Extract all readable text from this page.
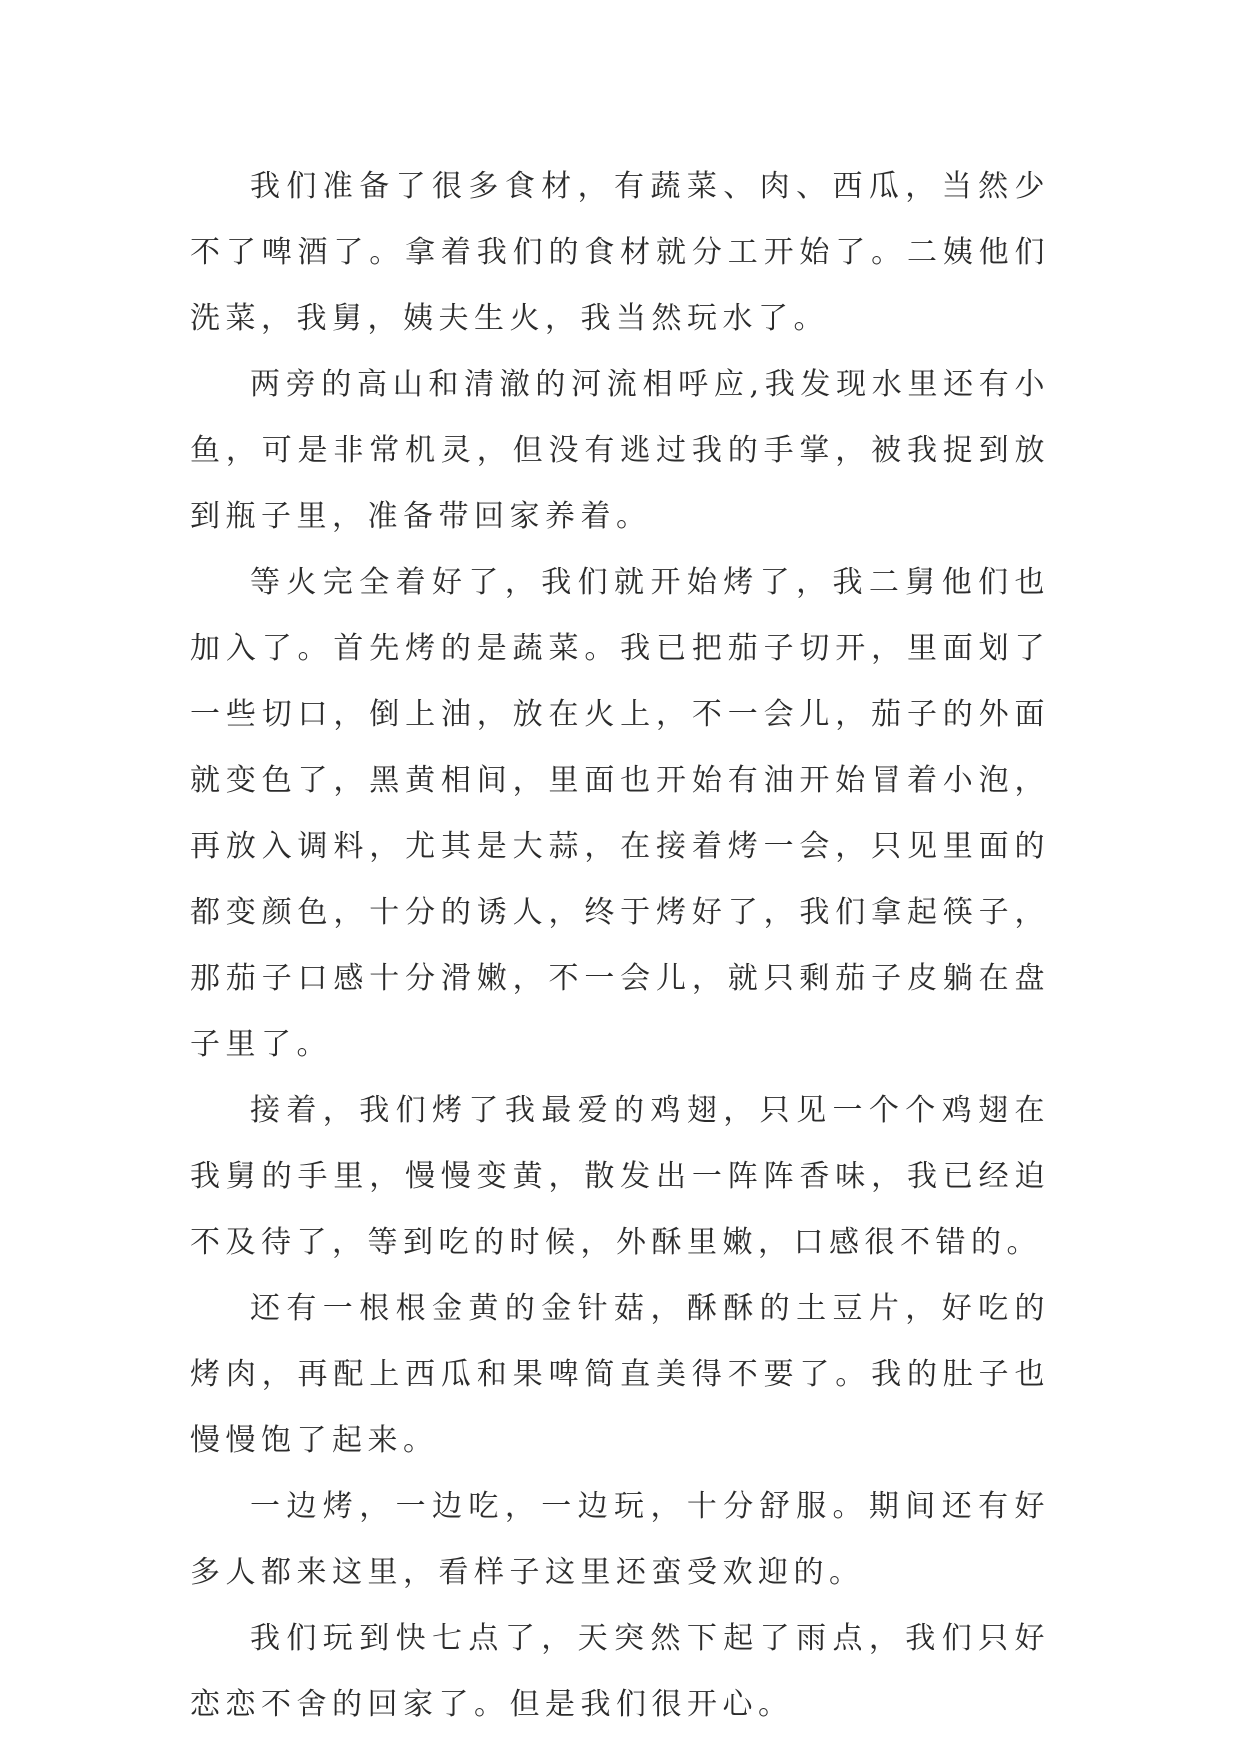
我们准备了很多食材，有蔬菜、肉、西瓜，当然少不了啤酒了。拿着我们的食材就分工开始了。二姨他们洗菜，我舅，姨夫生火，我当然玩水了。

两旁的高山和清澈的河流相呼应,我发现水里还有小鱼，可是非常机灵，但没有逃过我的手掌，被我捉到放到瓶子里，准备带回家养着。

等火完全着好了，我们就开始烤了，我二舅他们也加入了。首先烤的是蔬菜。我已把茄子切开，里面划了一些切口，倒上油，放在火上，不一会儿，茄子的外面就变色了，黑黄相间，里面也开始有油开始冒着小泡，再放入调料，尤其是大蒜，在接着烤一会，只见里面的都变颜色，十分的诱人，终于烤好了，我们拿起筷子，那茄子口感十分滑嫩，不一会儿，就只剩茄子皮躺在盘子里了。

接着，我们烤了我最爱的鸡翅，只见一个个鸡翅在我舅的手里，慢慢变黄，散发出一阵阵香味，我已经迫不及待了，等到吃的时候，外酥里嫩，口感很不错的。

还有一根根金黄的金针菇，酥酥的土豆片，好吃的烤肉，再配上西瓜和果啤简直美得不要了。我的肚子也慢慢饱了起来。

一边烤，一边吃，一边玩，十分舒服。期间还有好多人都来这里，看样子这里还蛮受欢迎的。

我们玩到快七点了，天突然下起了雨点，我们只好恋恋不舍的回家了。但是我们很开心。
